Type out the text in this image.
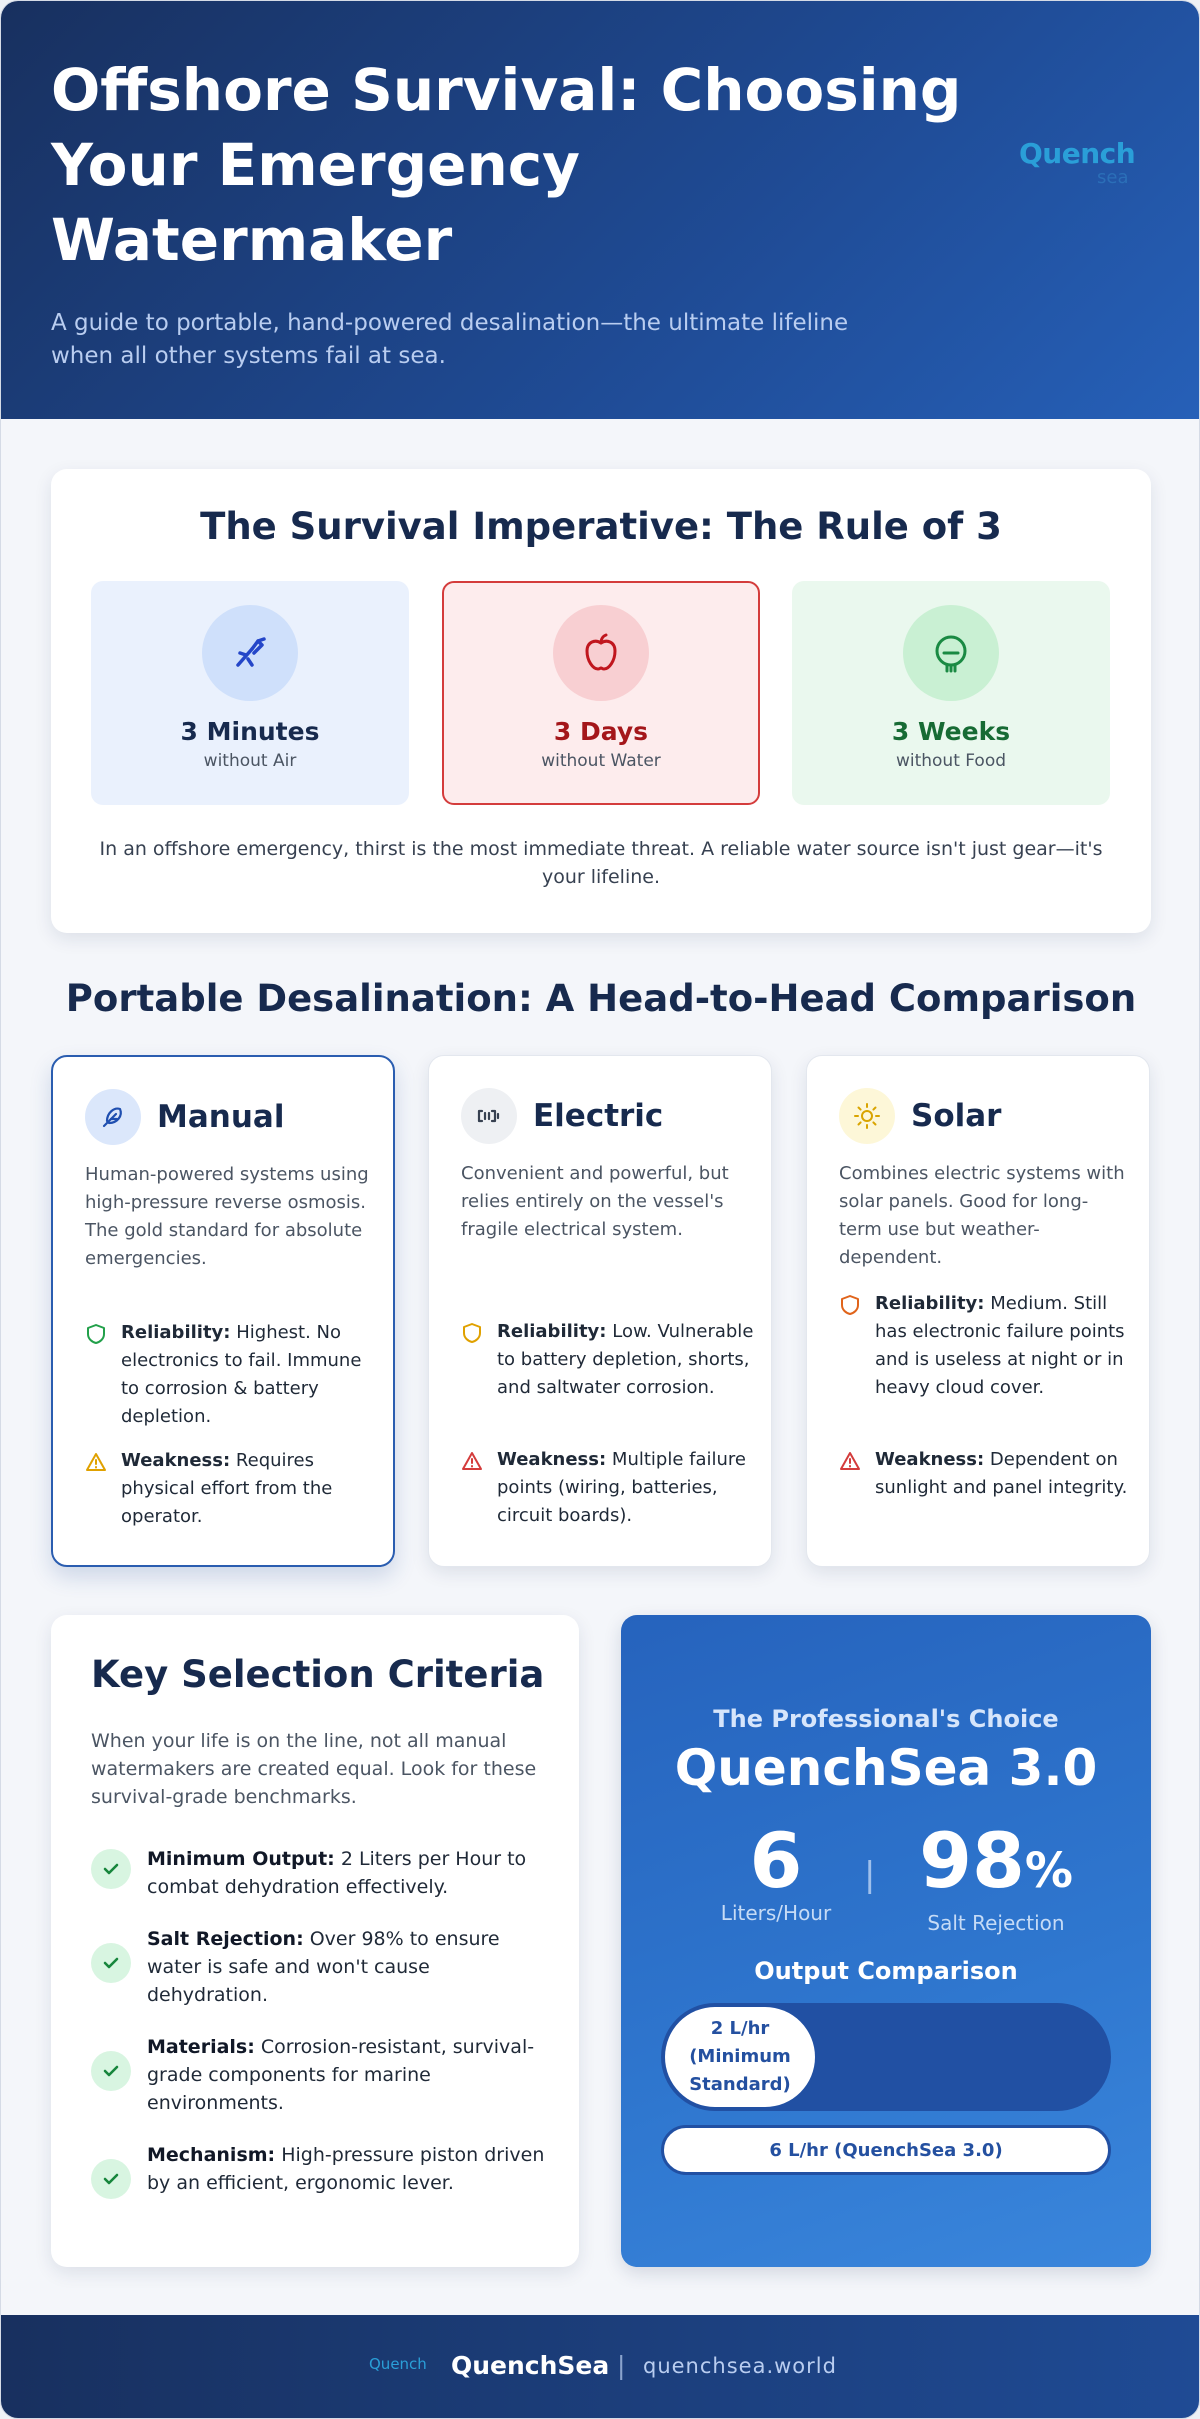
Offshore Survival: Choosing Your Emergency Watermaker
A guide to portable, hand-powered desalination—the ultimate lifeline when all other systems fail at sea.
Quench
sea
The Survival Imperative: The Rule of 3
3 Minutes
without Air
3 Days
without Water
3 Weeks
without Food
In an offshore emergency, thirst is the most immediate threat. A reliable water source isn't just gear—it's your lifeline.
Portable Desalination: A Head-to-Head Comparison
Manual
Human-powered systems using high-pressure reverse osmosis. The gold standard for absolute emergencies.
Reliability: Highest. No electronics to fail. Immune to corrosion & battery depletion.
Weakness: Requires physical effort from the operator.
Electric
Convenient and powerful, but relies entirely on the vessel's fragile electrical system.
Reliability: Low. Vulnerable to battery depletion, shorts, and saltwater corrosion.
Weakness: Multiple failure points (wiring, batteries, circuit boards).
Solar
Combines electric systems with solar panels. Good for long-term use but weather-dependent.
Reliability: Medium. Still has electronic failure points and is useless at night or in heavy cloud cover.
Weakness: Dependent on sunlight and panel integrity.
Key Selection Criteria
When your life is on the line, not all manual watermakers are created equal. Look for these survival-grade benchmarks.
Minimum Output: 2 Liters per Hour to combat dehydration effectively.
Salt Rejection: Over 98% to ensure water is safe and won't cause dehydration.
Materials: Corrosion-resistant, survival-grade components for marine environments.
Mechanism: High-pressure piston driven by an efficient, ergonomic lever.
The Professional's Choice
QuenchSea 3.0
6
Liters/Hour
| 98%
Salt Rejection
Output Comparison
2 L/hr (Minimum Standard)
6 L/hr (QuenchSea 3.0)
Quench QuenchSea | quenchsea.world
